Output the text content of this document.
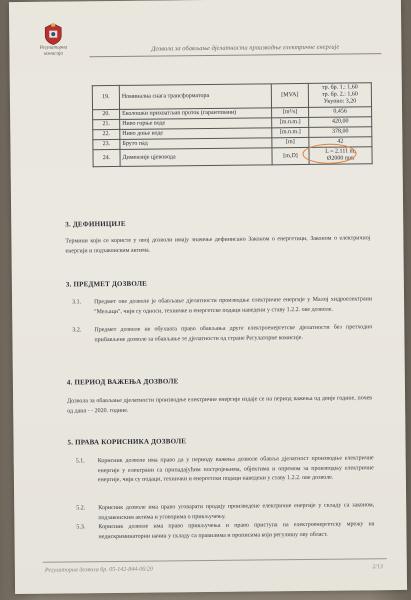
Регулаторна
комисија
Дозвола за обављање дјелатности производње електричне енергије
19.	Номинална снага трансформатора	[MVA]	тр. бр. 1.: 1,60
тр. бр. 2.: 1,60
Укупно: 3,20
20.	Еколошки прихватљив проток (гарантовани)	[m³/s]	0,456
21.	Ниво горње воде	[m.n.m.]	420,00
22.	Ниво доње воде	[m.n.m.]	378,00
23.	Бруто пад	[m]	42
24.	Димензије цјевовода	[m,D]	L = 2.111 m,
Ø2000 mm
3. ДЕФИНИЦИЈЕ
Термини који се користе у овој дозволи имају значење дефинисано Законом о енергетици, Законом о електричној енергији и подзаконским актима.
3. ПРЕДМЕТ ДОЗВОЛЕ
3.1. Предмет ове дозволе је обављање дјелатности производње електричне енергије у Малој хидроелектрани "Мељаци", чији су односи, техничке и енергетске подаци наведени у ставу 1.2.2. ове дозволе.
3.2. Предмет дозволе не обухвата право обављања друге електроенергетске дјелатности без претходно прибављене дозволе за обављање те дјелатности од стране Регулаторне комисије.
4. ПЕРИОД ВАЖЕЊА ДОЗВОЛЕ
Дозвола за обављање дјелатности производње електричне енергије издаје се на период важења од двије године, почев од дана - - 2020. године.
5. ПРАВА КОРИСНИКА ДОЗВОЛЕ
5.1. Корисник дозволе има право да у периоду важења дозволе обавља дјелатност производње електричне енергије у електрани са припадајућим постројењима, објектима и опремом за производњу електричне енергије, чији су подаци, технички и енергетски подаци наведени у ставу 1.2.2. ове дозволе.
5.2. Корисник дозволе има право уговарати продају произведене електричне енергије у складу са законом, подзаконским актима и уговорима о прикључењу.
5.3. Корисник дозволе има право прикључења и право приступа на електроенергетску мрежу на недискриминаторни начин у складу са правилима и прописима који регулишу ову област.
Регулаторна дозвола бр. 05-142-844-06/20	2/13
